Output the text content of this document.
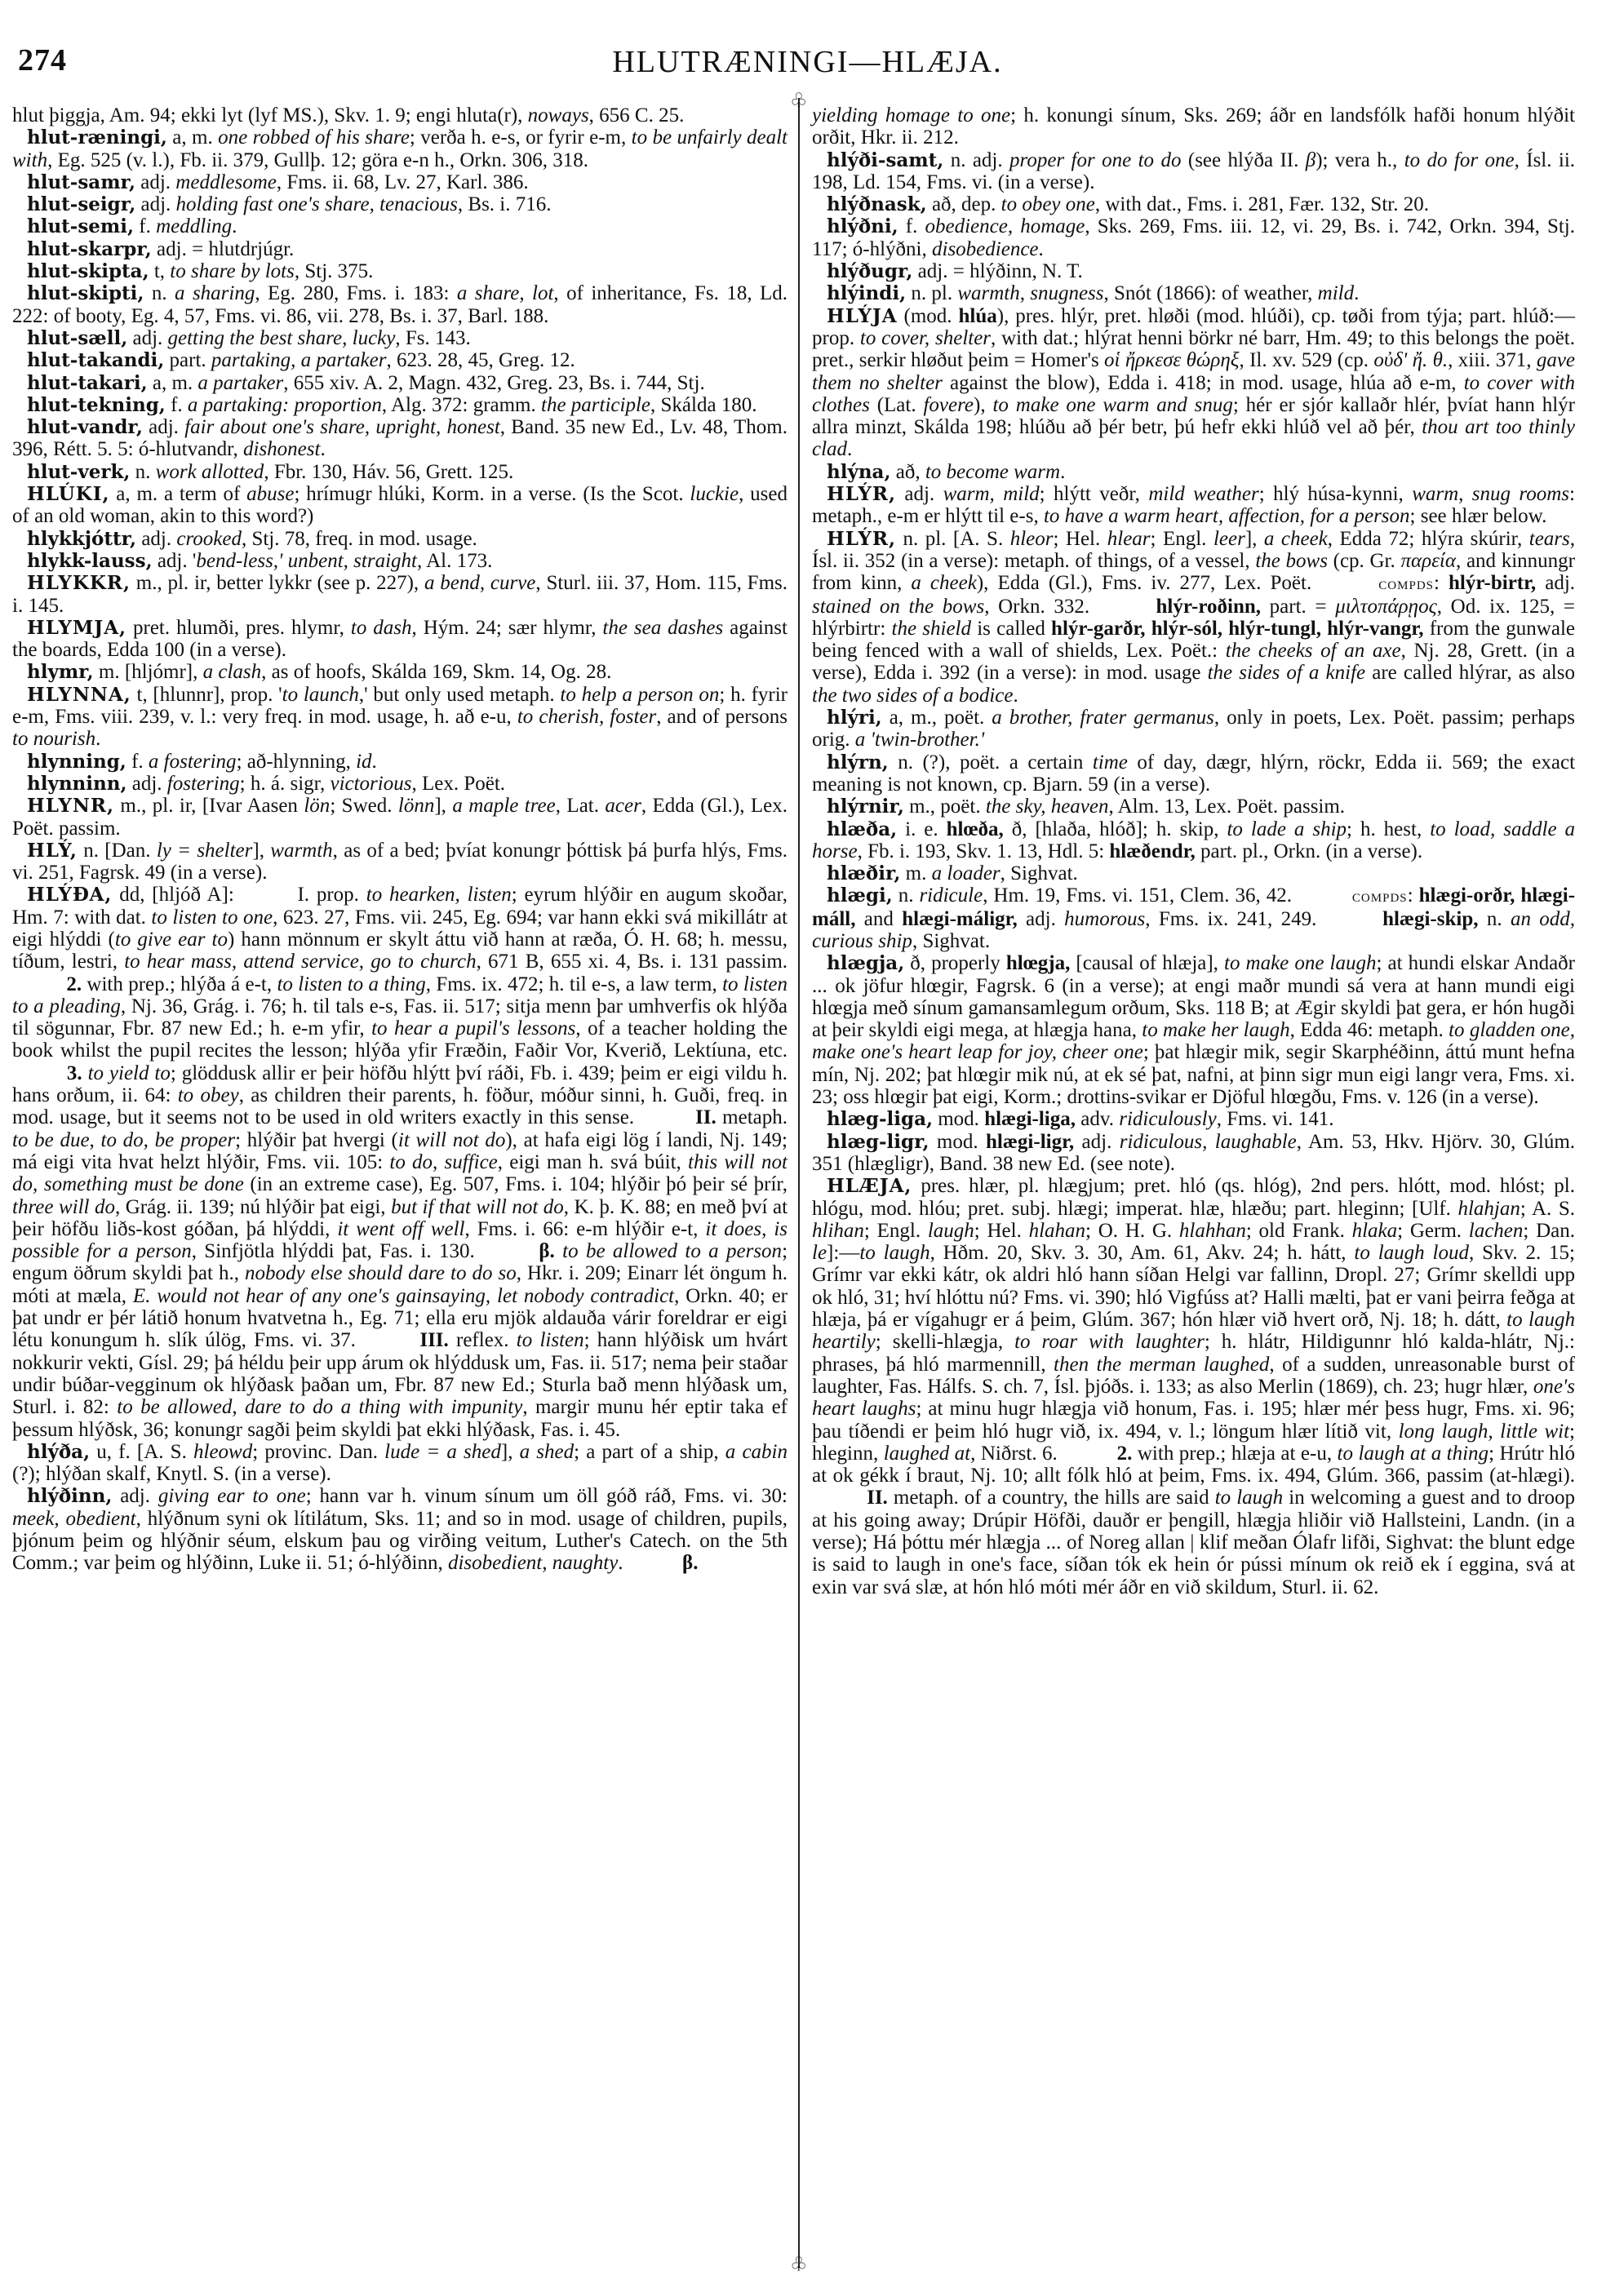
274	HLUTRÆNINGI—HLÆJA.
♧
♧

hlut þiggja, Am. 94; ekki lyt (lyf MS.), Skv. 1. 9; engi hluta(r), noways, 656 C. 25.

hlut-ræningi, a, m. one robbed of his share; verða h. e-s, or fyrir e-m, to be unfairly dealt with, Eg. 525 (v. l.), Fb. ii. 379, Gullþ. 12; göra e-n h., Orkn. 306, 318.

hlut-samr, adj. meddlesome, Fms. ii. 68, Lv. 27, Karl. 386.

hlut-seigr, adj. holding fast one's share, tenacious, Bs. i. 716.

hlut-semi, f. meddling.

hlut-skarpr, adj. = hlutdrjúgr.

hlut-skipta, t, to share by lots, Stj. 375.

hlut-skipti, n. a sharing, Eg. 280, Fms. i. 183: a share, lot, of inheritance, Fs. 18, Ld. 222: of booty, Eg. 4, 57, Fms. vi. 86, vii. 278, Bs. i. 37, Barl. 188.

hlut-sæll, adj. getting the best share, lucky, Fs. 143.

hlut-takandi, part. partaking, a partaker, 623. 28, 45, Greg. 12.

hlut-takari, a, m. a partaker, 655 xiv. A. 2, Magn. 432, Greg. 23, Bs. i. 744, Stj.

hlut-tekning, f. a partaking: proportion, Alg. 372: gramm. the participle, Skálda 180.

hlut-vandr, adj. fair about one's share, upright, honest, Band. 35 new Ed., Lv. 48, Thom. 396, Rétt. 5. 5: ó-hlutvandr, dishonest.

hlut-verk, n. work allotted, Fbr. 130, Háv. 56, Grett. 125.

HLÚKI, a, m. a term of abuse; hrímugr hlúki, Korm. in a verse. (Is the Scot. luckie, used of an old woman, akin to this word?)

hlykkjóttr, adj. crooked, Stj. 78, freq. in mod. usage.

hlykk-lauss, adj. 'bend-less,' unbent, straight, Al. 173.

HLYKKR, m., pl. ir, better lykkr (see p. 227), a bend, curve, Sturl. iii. 37, Hom. 115, Fms. i. 145.

HLYMJA, pret. hlumði, pres. hlymr, to dash, Hým. 24; sær hlymr, the sea dashes against the boards, Edda 100 (in a verse).

hlymr, m. [hljómr], a clash, as of hoofs, Skálda 169, Skm. 14, Og. 28.

HLYNNA, t, [hlunnr], prop. 'to launch,' but only used metaph. to help a person on; h. fyrir e-m, Fms. viii. 239, v. l.: very freq. in mod. usage, h. að e-u, to cherish, foster, and of persons to nourish.

hlynning, f. a fostering; að-hlynning, id.

hlynninn, adj. fostering; h. á. sigr, victorious, Lex. Poët.

HLYNR, m., pl. ir, [Ivar Aasen lön; Swed. lönn], a maple tree, Lat. acer, Edda (Gl.), Lex. Poët. passim.

HLÝ, n. [Dan. ly = shelter], warmth, as of a bed; þvíat konungr þóttisk þá þurfa hlýs, Fms. vi. 251, Fagrsk. 49 (in a verse).

HLÝÐA, dd, [hljóð A]:  I. prop. to hearken, listen; eyrum hlýðir en augum skoðar, Hm. 7: with dat. to listen to one, 623. 27, Fms. vii. 245, Eg. 694; var hann ekki svá mikillátr at eigi hlýddi (to give ear to) hann mönnum er skylt áttu við hann at ræða, Ó. H. 68; h. messu, tíðum, lestri, to hear mass, attend service, go to church, 671 B, 655 xi. 4, Bs. i. 131 passim.  2. with prep.; hlýða á e-t, to listen to a thing, Fms. ix. 472; h. til e-s, a law term, to listen to a pleading, Nj. 36, Grág. i. 76; h. til tals e-s, Fas. ii. 517; sitja menn þar umhverfis ok hlýða til sögunnar, Fbr. 87 new Ed.; h. e-m yfir, to hear a pupil's lessons, of a teacher holding the book whilst the pupil recites the lesson; hlýða yfir Fræðin, Faðir Vor, Kverið, Lektíuna, etc.  3. to yield to; glöddusk allir er þeir höfðu hlýtt því ráði, Fb. i. 439; þeim er eigi vildu h. hans orðum, ii. 64: to obey, as children their parents, h. föður, móður sinni, h. Guði, freq. in mod. usage, but it seems not to be used in old writers exactly in this sense.	II. metaph. to be due, to do, be proper; hlýðir þat hvergi (it will not do), at hafa eigi lög í landi, Nj. 149; má eigi vita hvat helzt hlýðir, Fms. vii. 105: to do, suffice, eigi man h. svá búit, this will not do, something must be done (in an extreme case), Eg. 507, Fms. i. 104; hlýðir þó þeir sé þrír, three will do, Grág. ii. 139; nú hlýðir þat eigi, but if that will not do, K. þ. K. 88; en með því at þeir höfðu liðs-kost góðan, þá hlýddi, it went off well, Fms. i. 66: e-m hlýðir e-t, it does, is possible for a person, Sinfjötla hlýddi þat, Fas. i. 130.	β. to be allowed to a person; engum öðrum skyldi þat h., nobody else should dare to do so, Hkr. i. 209; Einarr lét öngum h. móti at mæla, E. would not hear of any one's gainsaying, let nobody contradict, Orkn. 40; er þat undr er þér látið honum hvatvetna h., Eg. 71; ella eru mjök aldauða várir foreldrar er eigi létu konungum h. slík úlög, Fms. vi. 37.	III. reflex. to listen; hann hlýðisk um hvárt nokkurir vekti, Gísl. 29; þá héldu þeir upp árum ok hlýddusk um, Fas. ii. 517; nema þeir staðar undir búðar-vegginum ok hlýðask þaðan um, Fbr. 87 new Ed.; Sturla bað menn hlýðask um, Sturl. i. 82: to be allowed, dare to do a thing with impunity, margir munu hér eptir taka ef þessum hlýðsk, 36; konungr sagði þeim skyldi þat ekki hlýðask, Fas. i. 45.

hlýða, u, f. [A. S. hleowd; provinc. Dan. lude = a shed], a shed; a part of a ship, a cabin (?); hlýðan skalf, Knytl. S. (in a verse).

hlýðinn, adj. giving ear to one; hann var h. vinum sínum um öll góð ráð, Fms. vi. 30: meek, obedient, hlýðnum syni ok lítilátum, Sks. 11; and so in mod. usage of children, pupils, þjónum þeim og hlýðnir séum, elskum þau og virðing veitum, Luther's Catech. on the 5th Comm.; var þeim og hlýðinn, Luke ii. 51; ó-hlýðinn, disobedient, naughty.	β.

yielding homage to one; h. konungi sínum, Sks. 269; áðr en landsfólk hafði honum hlýðit orðit, Hkr. ii. 212.

hlýði-samt, n. adj. proper for one to do (see hlýða II. β); vera h., to do for one, Ísl. ii. 198, Ld. 154, Fms. vi. (in a verse).

hlýðnask, að, dep. to obey one, with dat., Fms. i. 281, Fær. 132, Str. 20.

hlýðni, f. obedience, homage, Sks. 269, Fms. iii. 12, vi. 29, Bs. i. 742, Orkn. 394, Stj. 117; ó-hlýðni, disobedience.

hlýðugr, adj. = hlýðinn, N. T.

hlýindi, n. pl. warmth, snugness, Snót (1866): of weather, mild.

HLÝJA (mod. hlúa), pres. hlýr, pret. hløði (mod. hlúði), cp. tøði from týja; part. hlúð:—prop. to cover, shelter, with dat.; hlýrat henni börkr né barr, Hm. 49; to this belongs the poët. pret., serkir hløðut þeim = Homer's οἱ ἤρκεσε θώρηξ, Il. xv. 529 (cp. οὐδ' ἤ. θ., xiii. 371, gave them no shelter against the blow), Edda i. 418; in mod. usage, hlúa að e-m, to cover with clothes (Lat. fovere), to make one warm and snug; hér er sjór kallaðr hlér, þvíat hann hlýr allra minzt, Skálda 198; hlúðu að þér betr, þú hefr ekki hlúð vel að þér, thou art too thinly clad.

hlýna, að, to become warm.

HLÝR, adj. warm, mild; hlýtt veðr, mild weather; hlý húsa-kynni, warm, snug rooms: metaph., e-m er hlýtt til e-s, to have a warm heart, affection, for a person; see hlær below.

HLÝR, n. pl. [A. S. hleor; Hel. hlear; Engl. leer], a cheek, Edda 72; hlýra skúrir, tears, Ísl. ii. 352 (in a verse): metaph. of things, of a vessel, the bows (cp. Gr. παρεία, and kinnungr from kinn, a cheek), Edda (Gl.), Fms. iv. 277, Lex. Poët.	compds: hlýr-birtr, adj. stained on the bows, Orkn. 332.	hlýr-roðinn, part. = μιλτοπάρῃος, Od. ix. 125, = hlýrbirtr: the shield is called hlýr-garðr, hlýr-sól, hlýr-tungl, hlýr-vangr, from the gunwale being fenced with a wall of shields, Lex. Poët.: the cheeks of an axe, Nj. 28, Grett. (in a verse), Edda i. 392 (in a verse): in mod. usage the sides of a knife are called hlýrar, as also the two sides of a bodice.

hlýri, a, m., poët. a brother, frater germanus, only in poets, Lex. Poët. passim; perhaps orig. a 'twin-brother.'

hlýrn, n. (?), poët. a certain time of day, dægr, hlýrn, röckr, Edda ii. 569; the exact meaning is not known, cp. Bjarn. 59 (in a verse).

hlýrnir, m., poët. the sky, heaven, Alm. 13, Lex. Poët. passim.

hlæða, i. e. hlœða, ð, [hlaða, hlóð]; h. skip, to lade a ship; h. hest, to load, saddle a horse, Fb. i. 193, Skv. 1. 13, Hdl. 5: hlæðendr, part. pl., Orkn. (in a verse).

hlæðir, m. a loader, Sighvat.

hlægi, n. ridicule, Hm. 19, Fms. vi. 151, Clem. 36, 42.	compds: hlægi-orðr, hlægi-máll, and hlægi-máligr, adj. humorous, Fms. ix. 241, 249.	hlægi-skip, n. an odd, curious ship, Sighvat.

hlægja, ð, properly hlœgja, [causal of hlæja], to make one laugh; at hundi elskar Andaðr ... ok jöfur hlœgir, Fagrsk. 6 (in a verse); at engi maðr mundi sá vera at hann mundi eigi hlœgja með sínum gamansamlegum orðum, Sks. 118 B; at Ægir skyldi þat gera, er hón hugði at þeir skyldi eigi mega, at hlægja hana, to make her laugh, Edda 46: metaph. to gladden one, make one's heart leap for joy, cheer one; þat hlægir mik, segir Skarphéðinn, áttú munt hefna mín, Nj. 202; þat hlœgir mik nú, at ek sé þat, nafni, at þinn sigr mun eigi langr vera, Fms. xi. 23; oss hlœgir þat eigi, Korm.; drottins-svikar er Djöful hlœgðu, Fms. v. 126 (in a verse).

hlæg-liga, mod. hlægi-liga, adv. ridiculously, Fms. vi. 141.

hlæg-ligr, mod. hlægi-ligr, adj. ridiculous, laughable, Am. 53, Hkv. Hjörv. 30, Glúm. 351 (hlægligr), Band. 38 new Ed. (see note).

HLÆJA, pres. hlær, pl. hlægjum; pret. hló (qs. hlóg), 2nd pers. hlótt, mod. hlóst; pl. hlógu, mod. hlóu; pret. subj. hlægi; imperat. hlæ, hlæðu; part. hleginn; [Ulf. hlahjan; A. S. hlihan; Engl. laugh; Hel. hlahan; O. H. G. hlahhan; old Frank. hlaka; Germ. lachen; Dan. le]:—to laugh, Hðm. 20, Skv. 3. 30, Am. 61, Akv. 24; h. hátt, to laugh loud, Skv. 2. 15; Grímr var ekki kátr, ok aldri hló hann síðan Helgi var fallinn, Dropl. 27; Grímr skelldi upp ok hló, 31; hví hlóttu nú? Fms. vi. 390; hló Vigfúss at? Halli mælti, þat er vani þeirra feðga at hlæja, þá er vígahugr er á þeim, Glúm. 367; hón hlær við hvert orð, Nj. 18; h. dátt, to laugh heartily; skelli-hlægja, to roar with laughter; h. hlátr, Hildigunnr hló kalda-hlátr, Nj.: phrases, þá hló marmennill, then the merman laughed, of a sudden, unreasonable burst of laughter, Fas. Hálfs. S. ch. 7, Ísl. þjóðs. i. 133; as also Merlin (1869), ch. 23; hugr hlær, one's heart laughs; at minu hugr hlægja við honum, Fas. i. 195; hlær mér þess hugr, Fms. xi. 96; þau tíðendi er þeim hló hugr við, ix. 494, v. l.; löngum hlær lítið vit, long laugh, little wit; hleginn, laughed at, Niðrst. 6.	2. with prep.; hlæja at e-u, to laugh at a thing; Hrútr hló at ok gékk í braut, Nj. 10; allt fólk hló at þeim, Fms. ix. 494, Glúm. 366, passim (at-hlægi).  II. metaph. of a country, the hills are said to laugh in welcoming a guest and to droop at his going away; Drúpir Höfði, dauðr er þengill, hlægja hliðir við Hallsteini, Landn. (in a verse); Há þóttu mér hlægja ... of Noreg allan | klif meðan Ólafr lifði, Sighvat: the blunt edge is said to laugh in one's face, síðan tók ek hein ór pússi mínum ok reið ek í eggina, svá at exin var svá slæ, at hón hló móti mér áðr en við skildum, Sturl. ii. 62.
